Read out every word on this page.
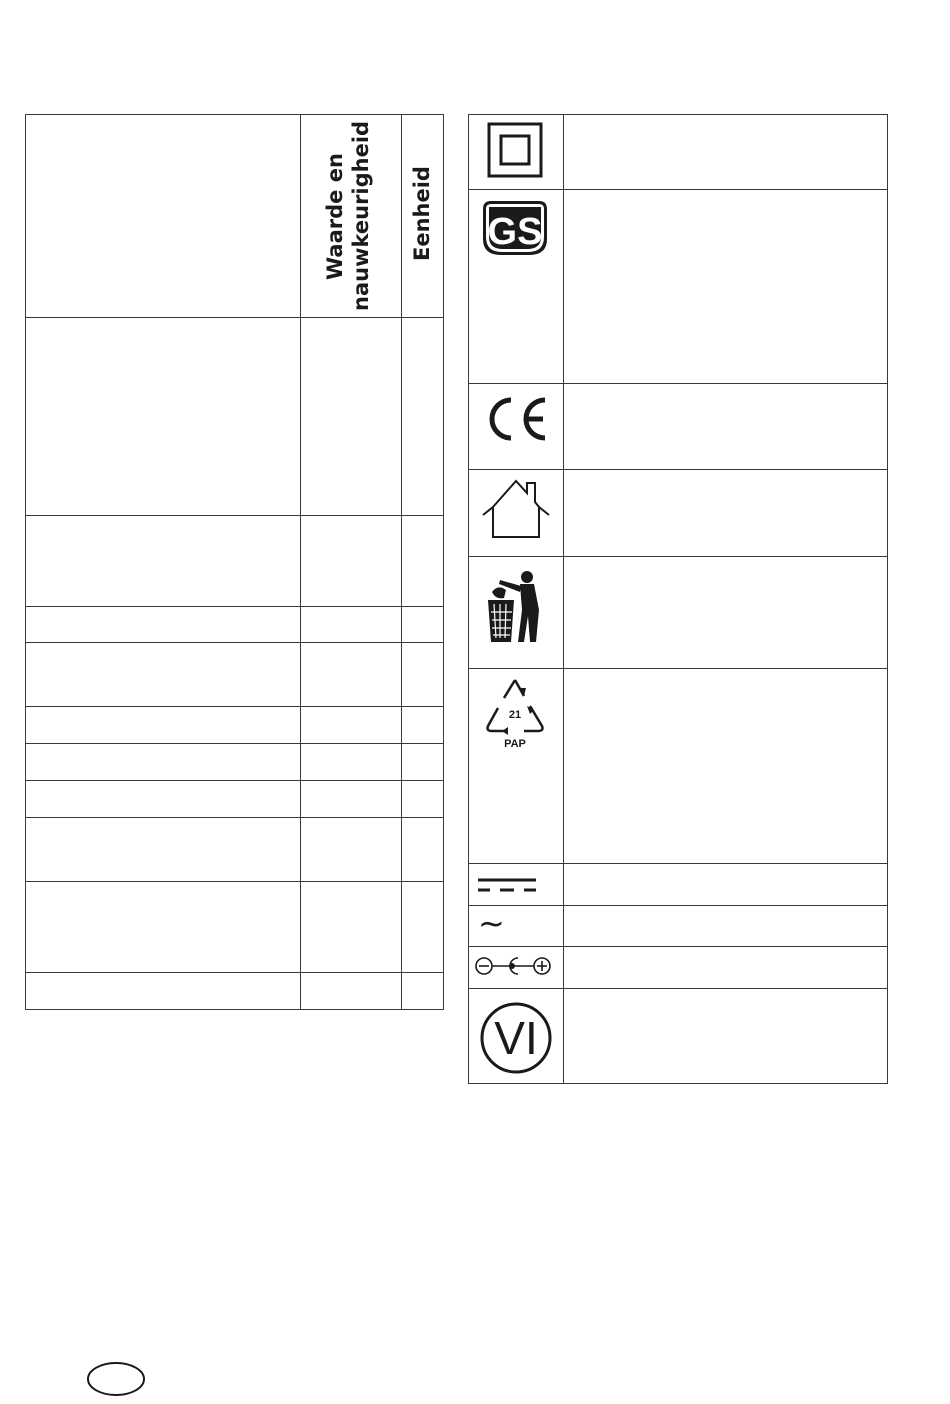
Waarde en nauwkeurigheid Eenheid GS
21
PAP
~
VI
